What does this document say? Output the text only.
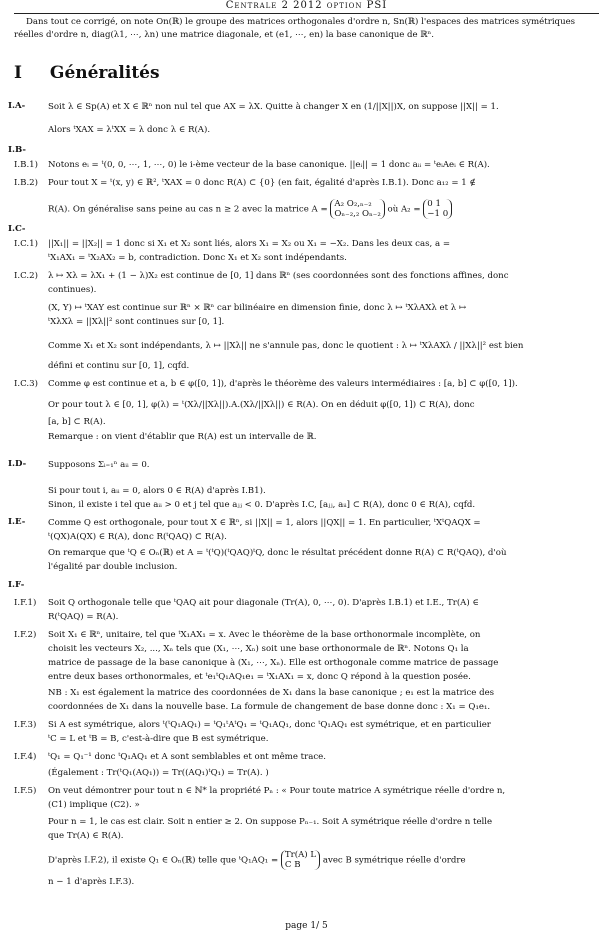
Centrale 2 2012 option PSI
Dans tout ce corrigé, on note On(ℝ) le groupe des matrices orthogonales d'ordre n, Sn(ℝ) l'espaces des matrices symétriques réelles d'ordre n, diag(λ1, ⋯, λn) une matrice diagonale, et (e1, ⋯, en) la base canonique de ℝⁿ.
I Généralités
I.A-	Soit λ ∈ Sp(A) et X ∈ ℝⁿ non nul tel que AX = λX. Quitte à changer X en (1/||X||)X, on suppose ||X|| = 1.
Alors ᵗXAX = λᵗXX = λ donc λ ∈ R(A).
I.B-
I.B.1) Notons eᵢ = ᵗ(0, 0, ⋯, 1, ⋯, 0) le i-ème vecteur de la base canonique. ||eᵢ|| = 1 donc aᵢᵢ = ᵗeᵢAeᵢ ∈ R(A).
I.B.2) Pour tout X = ᵗ(x, y) ∈ ℝ², ᵗXAX = 0 donc R(A) ⊂ {0} (en fait, égalité d'après I.B.1). Donc a₁₂ = 1 ∉
R(A). On généralise sans peine au cas n ≥ 2 avec la matrice A = A₂ O₂,ₙ₋₂
Oₙ₋₂,₂ Oₙ₋₂ où A₂ = 0 1
−1 0
I.C-
I.C.1) ||X₁|| = ||X₂|| = 1 donc si X₁ et X₂ sont liés, alors X₁ = X₂ ou X₁ = −X₂. Dans les deux cas, a =
ᵗX₁AX₁ = ᵗX₂AX₂ = b, contradiction. Donc X₁ et X₂ sont indépendants.
I.C.2) λ ↦ Xλ = λX₁ + (1 − λ)X₂ est continue de [0, 1] dans ℝⁿ (ses coordonnées sont des fonctions affines, donc
continues).
(X, Y) ↦ ᵗXAY est continue sur ℝⁿ × ℝⁿ car bilinéaire en dimension finie, donc λ ↦ ᵗXλAXλ et λ ↦
ᵗXλXλ = ||Xλ||² sont continues sur [0, 1].
Comme X₁ et X₂ sont indépendants, λ ↦ ||Xλ|| ne s'annule pas, donc le quotient : λ ↦ ᵗXλAXλ / ||Xλ||² est bien
défini et continu sur [0, 1], cqfd.
I.C.3) Comme φ est continue et a, b ∈ φ([0, 1]), d'après le théorème des valeurs intermédiaires : [a, b] ⊂ φ([0, 1]).
Or pour tout λ ∈ [0, 1], φ(λ) = ᵗ(Xλ/||Xλ||).A.(Xλ/||Xλ||) ∈ R(A). On en déduit φ([0, 1]) ⊂ R(A), donc
[a, b] ⊂ R(A).
Remarque : on vient d'établir que R(A) est un intervalle de ℝ.
I.D-	Supposons Σᵢ₌₁ⁿ aᵢᵢ = 0.
Si pour tout i, aᵢᵢ = 0, alors 0 ∈ R(A) d'après I.B1).
Sinon, il existe i tel que aᵢᵢ > 0 et j tel que aⱼⱼ < 0. D'après I.C, [aⱼⱼ, aᵢᵢ] ⊂ R(A), donc 0 ∈ R(A), cqfd.
I.E-	Comme Q est orthogonale, pour tout X ∈ ℝⁿ, si ||X|| = 1, alors ||QX|| = 1. En particulier, ᵗXᵗQAQX =
ᵗ(QX)A(QX) ∈ R(A), donc R(ᵗQAQ) ⊂ R(A).
On remarque que ᵗQ ∈ Oₙ(ℝ) et A = ᵗ(ᵗQ)(ᵗQAQ)ᵗQ, donc le résultat précédent donne R(A) ⊂ R(ᵗQAQ), d'où
l'égalité par double inclusion.
I.F-
I.F.1) Soit Q orthogonale telle que ᵗQAQ ait pour diagonale (Tr(A), 0, ⋯, 0). D'après I.B.1) et I.E., Tr(A) ∈
R(ᵗQAQ) = R(A).
I.F.2) Soit X₁ ∈ ℝⁿ, unitaire, tel que ᵗX₁AX₁ = x. Avec le théorème de la base orthonormale incomplète, on
choisit les vecteurs X₂, ..., Xₙ tels que (X₁, ⋯, Xₙ) soit une base orthonormale de ℝⁿ. Notons Q₁ la
matrice de passage de la base canonique à (X₁, ⋯, Xₙ). Elle est orthogonale comme matrice de passage
entre deux bases orthonormales, et ᵗe₁ᵗQ₁AQ₁e₁ = ᵗX₁AX₁ = x, donc Q répond à la question posée.
NB : X₁ est également la matrice des coordonnées de X₁ dans la base canonique ; e₁ est la matrice des
coordonnées de X₁ dans la nouvelle base. La formule de changement de base donne donc : X₁ = Q₁e₁.
I.F.3) Si A est symétrique, alors ᵗ(ᵗQ₁AQ₁) = ᵗQ₁ᵗAᵗQ₁ = ᵗQ₁AQ₁, donc ᵗQ₁AQ₁ est symétrique, et en particulier
ᵗC = L et ᵗB = B, c'est-à-dire que B est symétrique.
I.F.4) ᵗQ₁ = Q₁⁻¹ donc ᵗQ₁AQ₁ et A sont semblables et ont même trace.
(Également : Tr(ᵗQ₁(AQ₁)) = Tr((AQ₁)ᵗQ₁) = Tr(A). )
I.F.5) On veut démontrer pour tout n ∈ ℕ* la propriété Pₙ : « Pour toute matrice A symétrique réelle d'ordre n,
(C1) implique (C2). »
Pour n = 1, le cas est clair. Soit n entier ≥ 2. On suppose Pₙ₋₁. Soit A symétrique réelle d'ordre n telle
que Tr(A) ∈ R(A).
D'après I.F.2), il existe Q₁ ∈ Oₙ(ℝ) telle que ᵗQ₁AQ₁ = Tr(A) L
C B	avec B symétrique réelle d'ordre
n − 1 d'après I.F.3).
page 1/ 5
